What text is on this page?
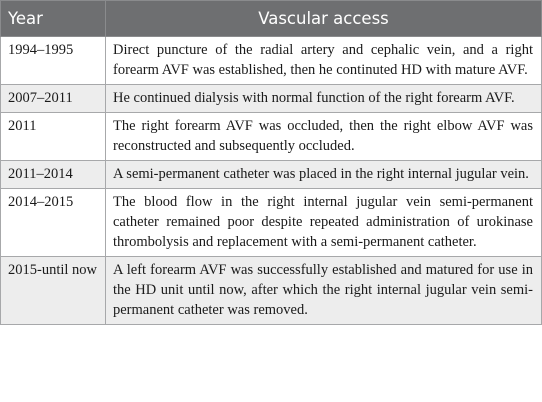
Year	Vascular access
1994–1995	Direct puncture of the radial artery and cephalic vein, and a right forearm AVF was established, then he continuted HD with mature AVF.
2007–2011	He continued dialysis with normal function of the right forearm AVF.
2011	The right forearm AVF was occluded, then the right elbow AVF was reconstructed and subsequently occluded.
2011–2014	A semi-permanent catheter was placed in the right internal jugular vein.
2014–2015	The blood flow in the right internal jugular vein semi-permanent catheter remained poor despite repeated administration of urokinase thrombolysis and replacement with a semi-permanent catheter.
2015-until now	A left forearm AVF was successfully established and matured for use in the HD unit until now, after which the right internal jugular vein semi-permanent catheter was removed.
